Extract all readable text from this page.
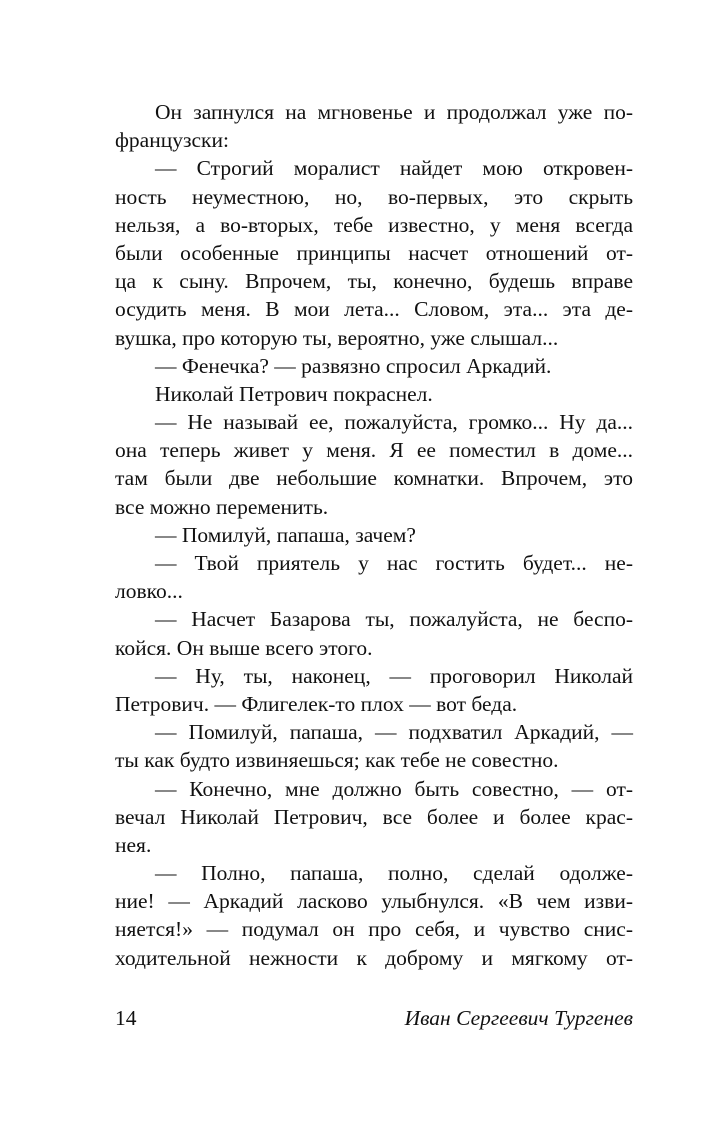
Он запнулся на мгновенье и продолжал уже по-
французски:
— Строгий моралист найдет мою откровен-
ность неуместною, но, во-первых, это скрыть
нельзя, а во-вторых, тебе известно, у меня всегда
были особенные принципы насчет отношений от-
ца к сыну. Впрочем, ты, конечно, будешь вправе
осудить меня. В мои лета... Словом, эта... эта де-
вушка, про которую ты, вероятно, уже слышал...
— Фенечка? — развязно спросил Аркадий.
Николай Петрович покраснел.
— Не называй ее, пожалуйста, громко... Ну да...
она теперь живет у меня. Я ее поместил в доме...
там были две небольшие комнатки. Впрочем, это
все можно переменить.
— Помилуй, папаша, зачем?
— Твой приятель у нас гостить будет... не-
ловко...
— Насчет Базарова ты, пожалуйста, не беспо-
койся. Он выше всего этого.
— Ну, ты, наконец, — проговорил Николай
Петрович. — Флигелек-то плох — вот беда.
— Помилуй, папаша, — подхватил Аркадий, —
ты как будто извиняешься; как тебе не совестно.
— Конечно, мне должно быть совестно, — от-
вечал Николай Петрович, все более и более крас-
нея.
— Полно, папаша, полно, сделай одолже-
ние! — Аркадий ласково улыбнулся. «В чем изви-
няется!» — подумал он про себя, и чувство снис-
ходительной нежности к доброму и мягкому от-
14	Иван Сергеевич Тургенев
